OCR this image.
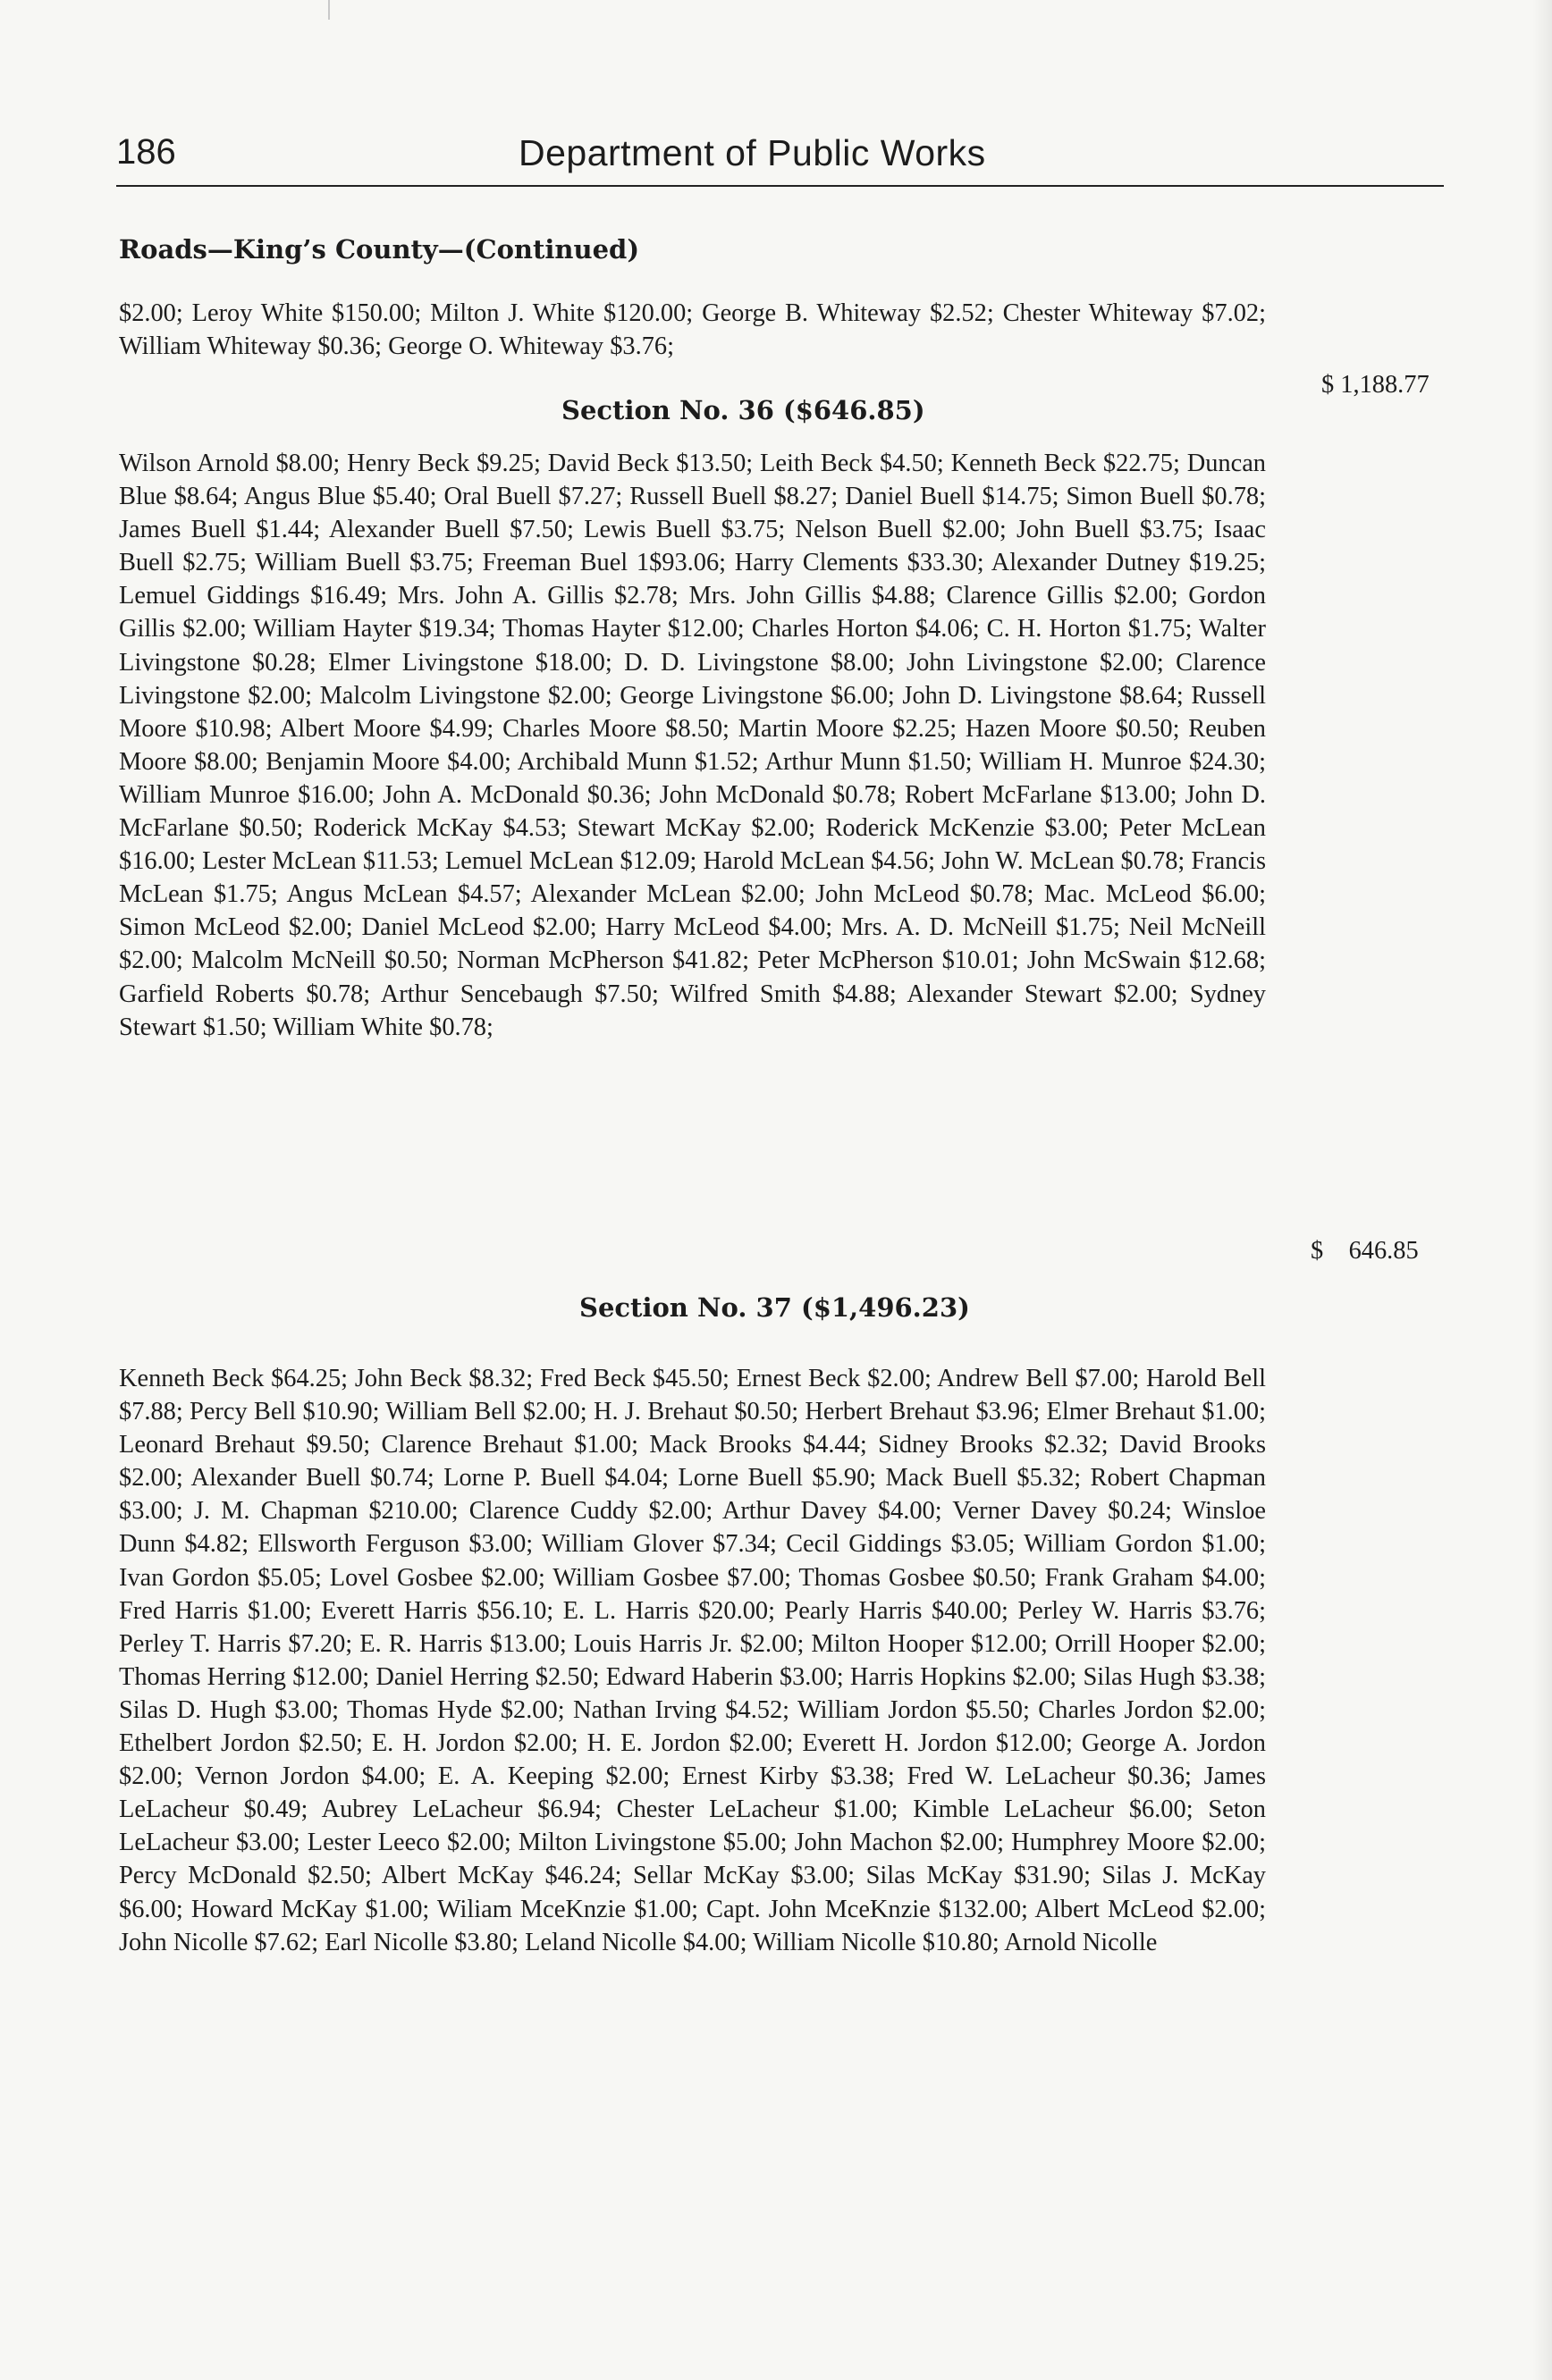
186	Department of Public Works
Roads—King’s County—(Continued)
$2.00; Leroy White $150.00; Milton J. White $120.00; George B. Whiteway $2.52; Chester Whiteway $7.02; William Whiteway $0.36; George O. Whiteway $3.76;
$ 1,188.77
Section No. 36 ($646.85)
Wilson Arnold $8.00; Henry Beck $9.25; David Beck $13.50; Leith Beck $4.50; Kenneth Beck $22.75; Duncan Blue $8.64; Angus Blue $5.40; Oral Buell $7.27; Russell Buell $8.27; Daniel Buell $14.75; Simon Buell $0.78; James Buell $1.44; Alexander Buell $7.50; Lewis Buell $3.75; Nelson Buell $2.00; John Buell $3.75; Isaac Buell $2.75; William Buell $3.75; Freeman Buel 1$93.06; Harry Clements $33.30; Alexander Dutney $19.25; Lemuel Giddings $16.49; Mrs. John A. Gillis $2.78; Mrs. John Gillis $4.88; Clarence Gillis $2.00; Gordon Gillis $2.00; William Hayter $19.34; Thomas Hayter $12.00; Charles Horton $4.06; C. H. Horton $1.75; Walter Livingstone $0.28; Elmer Livingstone $18.00; D. D. Livingstone $8.00; John Livingstone $2.00; Clarence Livingstone $2.00; Malcolm Livingstone $2.00; George Livingstone $6.00; John D. Livingstone $8.64; Russell Moore $10.98; Albert Moore $4.99; Charles Moore $8.50; Martin Moore $2.25; Hazen Moore $0.50; Reuben Moore $8.00; Benjamin Moore $4.00; Archibald Munn $1.52; Arthur Munn $1.50; William H. Munroe $24.30; William Munroe $16.00; John A. McDonald $0.36; John McDonald $0.78; Robert McFarlane $13.00; John D. McFarlane $0.50; Roderick McKay $4.53; Stewart McKay $2.00; Roderick McKenzie $3.00; Peter McLean $16.00; Lester McLean $11.53; Lemuel McLean $12.09; Harold McLean $4.56; John W. McLean $0.78; Francis McLean $1.75; Angus McLean $4.57; Alexander McLean $2.00; John McLeod $0.78; Mac. McLeod $6.00; Simon McLeod $2.00; Daniel McLeod $2.00; Harry McLeod $4.00; Mrs. A. D. McNeill $1.75; Neil McNeill $2.00; Malcolm McNeill $0.50; Norman McPherson $41.82; Peter McPherson $10.01; John McSwain $12.68; Garfield Roberts $0.78; Arthur Sencebaugh $7.50; Wilfred Smith $4.88; Alexander Stewart $2.00; Sydney Stewart $1.50; William White $0.78;
$    646.85
Section No. 37 ($1,496.23)
Kenneth Beck $64.25; John Beck $8.32; Fred Beck $45.50; Ernest Beck $2.00; Andrew Bell $7.00; Harold Bell $7.88; Percy Bell $10.90; William Bell $2.00; H. J. Brehaut $0.50; Herbert Brehaut $3.96; Elmer Brehaut $1.00; Leonard Brehaut $9.50; Clarence Brehaut $1.00; Mack Brooks $4.44; Sidney Brooks $2.32; David Brooks $2.00; Alexander Buell $0.74; Lorne P. Buell $4.04; Lorne Buell $5.90; Mack Buell $5.32; Robert Chapman $3.00; J. M. Chapman $210.00; Clarence Cuddy $2.00; Arthur Davey $4.00; Verner Davey $0.24; Winsloe Dunn $4.82; Ellsworth Ferguson $3.00; William Glover $7.34; Cecil Giddings $3.05; William Gordon $1.00; Ivan Gordon $5.05; Lovel Gosbee $2.00; William Gosbee $7.00; Thomas Gosbee $0.50; Frank Graham $4.00; Fred Harris $1.00; Everett Harris $56.10; E. L. Harris $20.00; Pearly Harris $40.00; Perley W. Harris $3.76; Perley T. Harris $7.20; E. R. Harris $13.00; Louis Harris Jr. $2.00; Milton Hooper $12.00; Orrill Hooper $2.00; Thomas Herring $12.00; Daniel Herring $2.50; Edward Haberin $3.00; Harris Hopkins $2.00; Silas Hugh $3.38; Silas D. Hugh $3.00; Thomas Hyde $2.00; Nathan Irving $4.52; William Jordon $5.50; Charles Jordon $2.00; Ethelbert Jordon $2.50; E. H. Jordon $2.00; H. E. Jordon $2.00; Everett H. Jordon $12.00; George A. Jordon $2.00; Vernon Jordon $4.00; E. A. Keeping $2.00; Ernest Kirby $3.38; Fred W. LeLacheur $0.36; James LeLacheur $0.49; Aubrey LeLacheur $6.94; Chester LeLacheur $1.00; Kimble LeLacheur $6.00; Seton LeLacheur $3.00; Lester Leeco $2.00; Milton Livingstone $5.00; John Machon $2.00; Humphrey Moore $2.00; Percy McDonald $2.50; Albert McKay $46.24; Sellar McKay $3.00; Silas McKay $31.90; Silas J. McKay $6.00; Howard McKay $1.00; Wiliam MceKnzie $1.00; Capt. John MceKnzie $132.00; Albert McLeod $2.00; John Nicolle $7.62; Earl Nicolle $3.80; Leland Nicolle $4.00; William Nicolle $10.80; Arnold Nicolle
